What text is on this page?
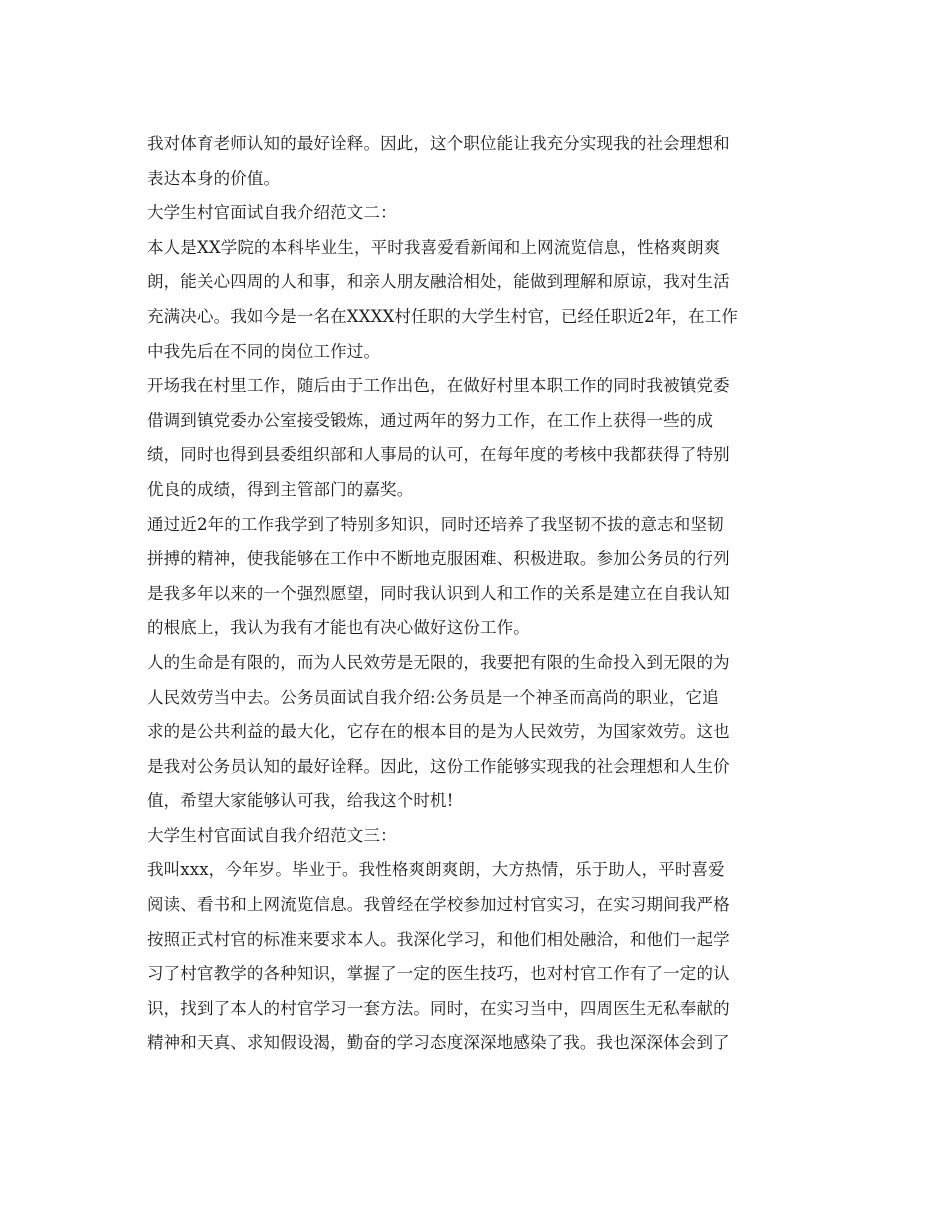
我对体育老师认知的最好诠释。因此，这个职位能让我充分实现我的社会理想和
表达本身的价值。
大学生村官面试自我介绍范文二：
本人是XX学院的本科毕业生，平时我喜爱看新闻和上网流览信息，性格爽朗爽
朗，能关心四周的人和事，和亲人朋友融洽相处，能做到理解和原谅，我对生活
充满决心。我如今是一名在XXXX村任职的大学生村官，已经任职近2年，在工作
中我先后在不同的岗位工作过。
开场我在村里工作，随后由于工作出色，在做好村里本职工作的同时我被镇党委
借调到镇党委办公室接受锻炼，通过两年的努力工作，在工作上获得一些的成
绩，同时也得到县委组织部和人事局的认可，在每年度的考核中我都获得了特别
优良的成绩，得到主管部门的嘉奖。
通过近2年的工作我学到了特别多知识，同时还培养了我坚韧不拔的意志和坚韧
拼搏的精神，使我能够在工作中不断地克服困难、积极进取。参加公务员的行列
是我多年以来的一个强烈愿望，同时我认识到人和工作的关系是建立在自我认知
的根底上，我认为我有才能也有决心做好这份工作。
人的生命是有限的，而为人民效劳是无限的，我要把有限的生命投入到无限的为
人民效劳当中去。公务员面试自我介绍:公务员是一个神圣而高尚的职业，它追
求的是公共利益的最大化，它存在的根本目的是为人民效劳，为国家效劳。这也
是我对公务员认知的最好诠释。因此，这份工作能够实现我的社会理想和人生价
值，希望大家能够认可我，给我这个时机!
大学生村官面试自我介绍范文三：
我叫xxx，今年岁。毕业于。我性格爽朗爽朗，大方热情，乐于助人，平时喜爱
阅读、看书和上网流览信息。我曾经在学校参加过村官实习，在实习期间我严格
按照正式村官的标准来要求本人。我深化学习，和他们相处融洽，和他们一起学
习了村官教学的各种知识，掌握了一定的医生技巧，也对村官工作有了一定的认
识，找到了本人的村官学习一套方法。同时，在实习当中，四周医生无私奉献的
精神和天真、求知假设渴，勤奋的学习态度深深地感染了我。我也深深体会到了
